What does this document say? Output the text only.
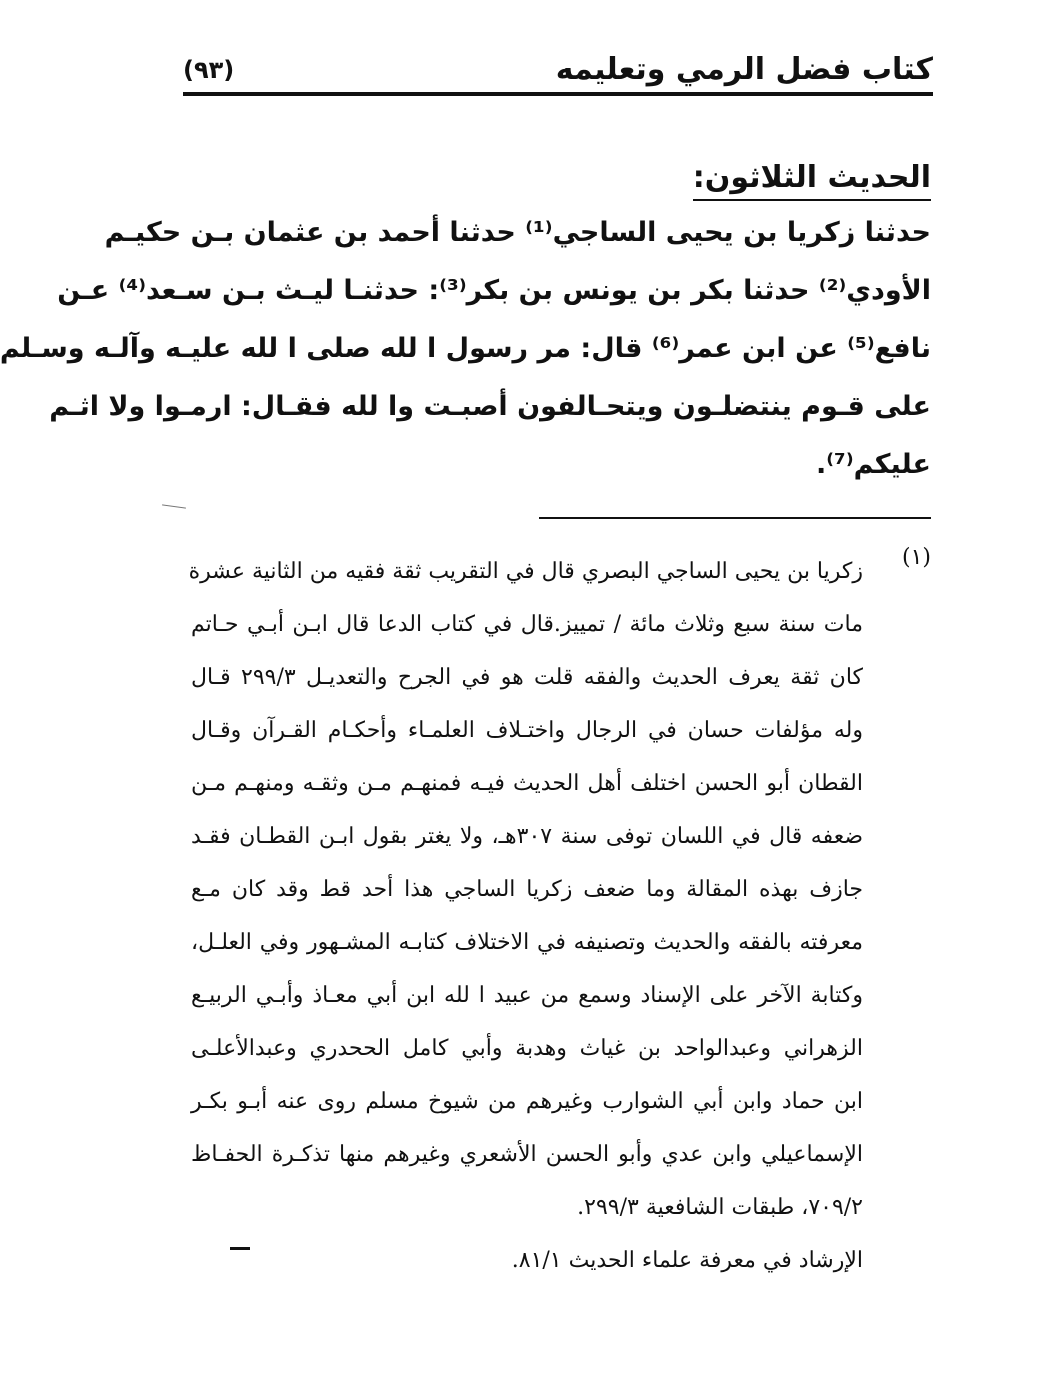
كتاب فضل الرمي وتعليمه
(٩٣)
الحديث الثلاثون:
حدثنا زكريا بن يحيى الساجي⁽¹⁾ حدثنا أحمد بن عثمان بـن حكيـم
الأودي⁽²⁾ حدثنا بكر بن يونس بن بكر⁽³⁾: حدثنـا ليـث بـن سـعد⁽⁴⁾ عـن
نافع⁽⁵⁾ عن ابن عمر⁽⁶⁾ قال: مر رسول ا لله صلى ا لله عليـه وآلـه وسـلم
على قـوم ينتضلـون ويتحـالفون أصبـت وا لله فقـال: ارمـوا ولا اثـم
عليكم⁽⁷⁾.
(١)
زكريا بن يحيى الساجي البصري قال في التقريب ثقة فقيه من الثانية عشرة
مات سنة سبع وثلاث مائة / تمييز.قال في كتاب الدعا قال ابـن أبـي حـاتم
كان ثقة يعرف الحديث والفقه قلت هو في الجرح والتعديـل ٢٩٩/٣ قـال
وله مؤلفات حسان في الرجال واختـلاف العلمـاء وأحكـام القـرآن وقـال
القطان أبو الحسن اختلف أهل الحديث فيـه فمنهـم مـن وثقـه ومنهـم مـن
ضعفه قال في اللسان توفى سنة ٣٠٧هـ، ولا يغتر بقول ابـن القطـان فقـد
جازف بهذه المقالة وما ضعف زكريا الساجي هذا أحد قط وقد كان مـع
معرفته بالفقه والحديث وتصنيفه في الاختلاف كتابـه المشـهور وفي العلـل،
وكتابة الآخر على الإسناد وسمع من عبيد ا لله ابن أبي معـاذ وأبـي الربيـع
الزهراني وعبدالواحد بن غياث وهدبة وأبي كامل الححدري وعبدالأعلـى
ابن حماد وابن أبي الشوارب وغيرهم من شيوخ مسلم روى عنه أبـو بكـر
الإسماعيلي وابن عدي وأبو الحسن الأشعري وغيرهم منها تذكـرة الحفـاظ
٧٠٩/٢، طبقات الشافعية ٢٩٩/٣.
الإرشاد في معرفة علماء الحديث ٨١/١.
